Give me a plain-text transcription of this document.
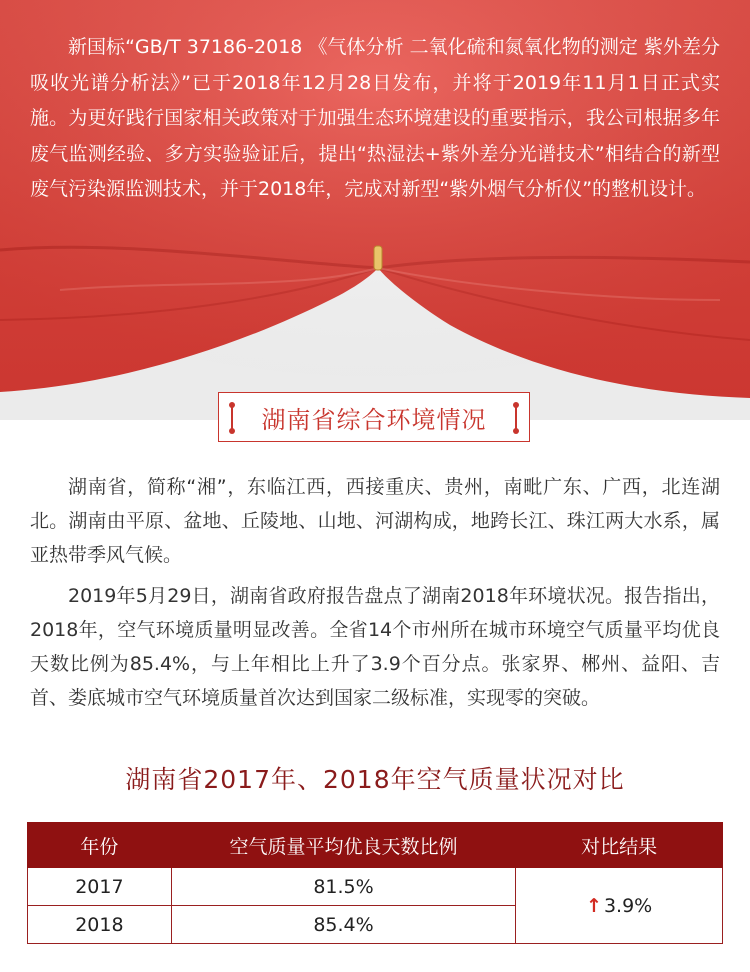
新国标“GB/T 37186-2018 《气体分析 二氧化硫和氮氧化物的测定 紫外差分吸收光谱分析法》”已于2018年12月28日发布，并将于2019年11月1日正式实施。为更好践行国家相关政策对于加强生态环境建设的重要指示，我公司根据多年废气监测经验、多方实验验证后，提出“热湿法+紫外差分光谱技术”相结合的新型废气污染源监测技术，并于2018年，完成对新型“紫外烟气分析仪”的整机设计。

湖南省综合环境情况

湖南省，简称“湘”，东临江西，西接重庆、贵州，南毗广东、广西，北连湖北。湖南由平原、盆地、丘陵地、山地、河湖构成，地跨长江、珠江两大水系，属亚热带季风气候。

2019年5月29日，湖南省政府报告盘点了湖南2018年环境状况。报告指出，2018年，空气环境质量明显改善。全省14个市州所在城市环境空气质量平均优良天数比例为85.4%，与上年相比上升了3.9个百分点。张家界、郴州、益阳、吉首、娄底城市空气环境质量首次达到国家二级标准，实现零的突破。

湖南省2017年、2018年空气质量状况对比
年份	空气质量平均优良天数比例	对比结果
2017	81.5%	↑ 3.9%
2018	85.4%	
